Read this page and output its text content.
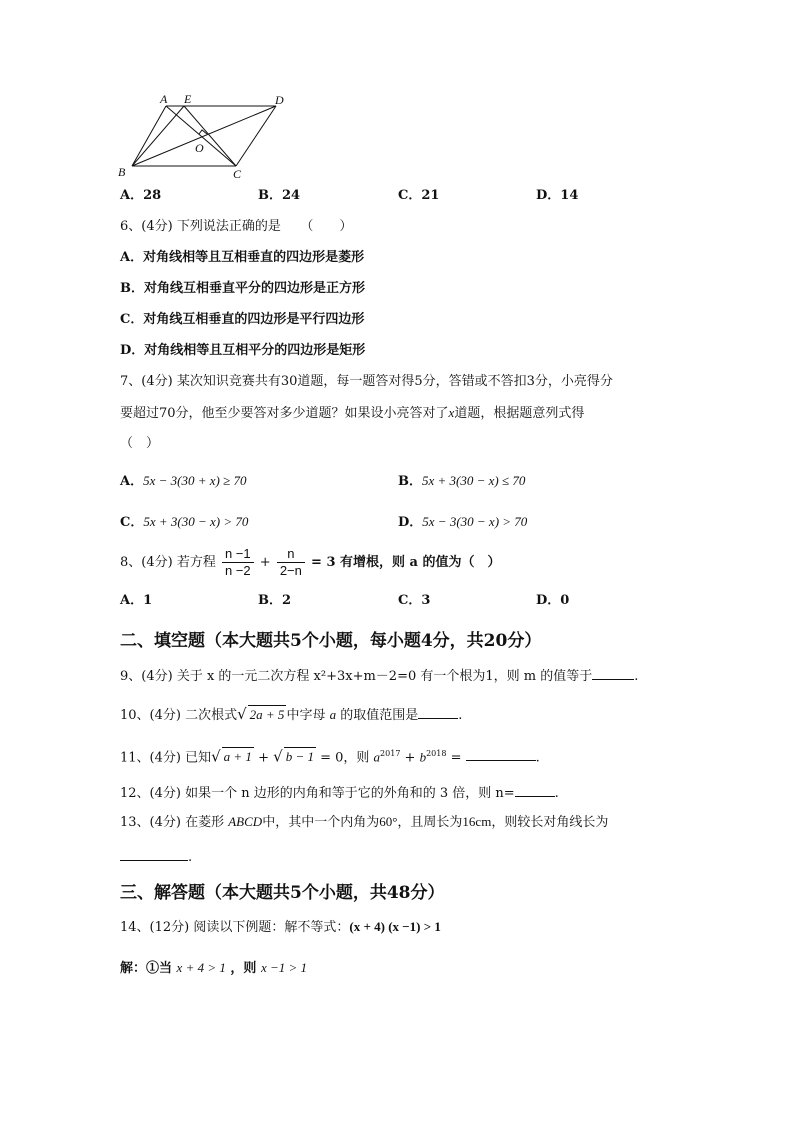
A E	D
B	C
O
A．28	B．24	C．21	D．14
6、(4分) 下列说法正确的是　　（　　）
A．对角线相等且互相垂直的四边形是菱形
B．对角线互相垂直平分的四边形是正方形
C．对角线互相垂直的四边形是平行四边形
D．对角线相等且互相平分的四边形是矩形
7、(4分) 某次知识竞赛共有30道题，每一题答对得5分，答错或不答扣3分，小亮得分
要超过70分，他至少要答对多少道题？如果设小亮答对了x道题，根据题意列式得
（　）
A．5x − 3(30 + x) ≥ 70	B．5x + 3(30 − x) ≤ 70
C．5x + 3(30 − x) > 70	D．5x − 3(30 − x) > 70
8、(4分) 若方程 $\frac{n -1}{n -2} + \frac{n}{2-n} = 3$ 有增根，则 a 的值为（　）
A．1	B．2	C．3	D．0
二、填空题（本大题共5个小题，每小题4分，共20分）
9、(4分) 关于 x 的一元二次方程 x²+3x+m－2=0 有一个根为1，则 m 的值等于	.
10、(4分) 二次根式√ 2a + 5 中字母 a 的取值范围是	.
11、(4分) 已知√ a + 1 + √ b − 1 = 0，则 $a^{2017} + b^{2018}$ =	.
12、(4分) 如果一个 n 边形的内角和等于它的外角和的 3 倍，则 n=	.
13、(4分) 在菱形 ABCD中，其中一个内角为60°，且周长为16cm，则较长对角线长为
.
三、解答题（本大题共5个小题，共48分）
14、(12分) 阅读以下例题：解不等式：(x + 4) (x −1) > 1
解：①当 x + 4 > 1 ，则 x −1 > 1
